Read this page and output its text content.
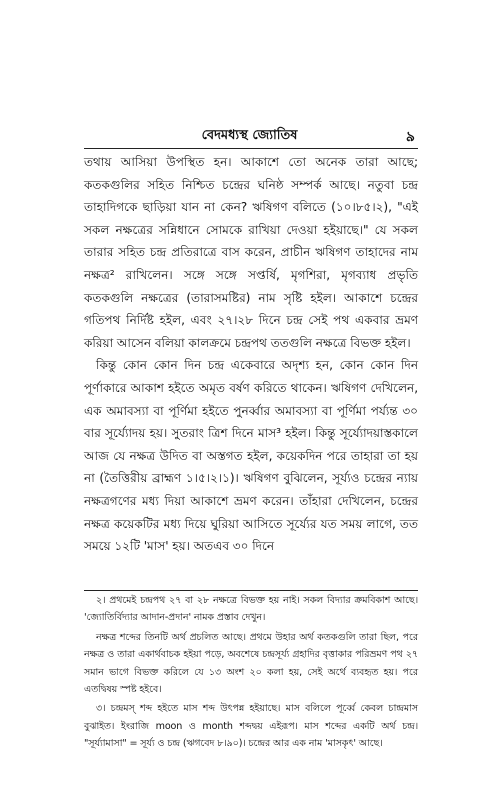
বেদমধ্যস্থ জ্যোতিষ	৯

তথায় আসিয়া উপস্থিত হন। আকাশে তো অনেক তারা আছে; কতকগুলির সহিত নিশ্চিত চন্দ্রের ঘনিষ্ঠ সম্পর্ক আছে। নতুবা চন্দ্র তাহাদিগকে ছাড়িয়া যান না কেন? ঋষিগণ বলিতে (১০।৮৫।২), "এই সকল নক্ষত্রের সন্নিধানে সোমকে রাখিয়া দেওয়া হইয়াছে।" যে সকল তারার সহিত চন্দ্র প্রতিরাত্রে বাস করেন, প্রাচীন ঋষিগণ তাহাদের নাম নক্ষত্র² রাখিলেন। সঙ্গে সঙ্গে সপ্তর্ষি, মৃগশিরা, মৃগব্যাধ প্রভৃতি কতকগুলি নক্ষত্রের (তারাসমষ্টির) নাম সৃষ্টি হইল। আকাশে চন্দ্রের গতিপথ নির্দিষ্ট হইল, এবং ২৭।২৮ দিনে চন্দ্র সেই পথ একবার ভ্রমণ করিয়া আসেন বলিয়া কালক্রমে চন্দ্রপথ ততগুলি নক্ষত্রে বিভক্ত হইল।

কিন্তু কোন কোন দিন চন্দ্র একেবারে অদৃশ্য হন, কোন কোন দিন পূর্ণাকারে আকাশ হইতে অমৃত বর্ষণ করিতে থাকেন। ঋষিগণ দেখিলেন, এক অমাবস্যা বা পূর্ণিমা হইতে পুনর্ব্বার অমাবস্যা বা পূর্ণিমা পর্য্যন্ত ৩০ বার সূর্য্যোদয় হয়। সুতরাং ত্রিশ দিনে মাস³ হইল। কিন্তু সূর্য্যোদয়াস্তকালে আজ যে নক্ষত্র উদিত বা অস্তগত হইল, কয়েকদিন পরে তাহারা তা হয় না (তৈত্তিরীয় ব্রাহ্মণ ১।৫।২।১)। ঋষিগণ বুঝিলেন, সূর্য্যও চন্দ্রের ন্যায় নক্ষত্রগণের মধ্য দিয়া আকাশে ভ্রমণ করেন। তাঁহারা দেখিলেন, চন্দ্রের নক্ষত্র কয়েকটির মধ্য দিয়ে ঘুরিয়া আসিতে সূর্য্যের যত সময় লাগে, তত সময়ে ১২টি 'মাস' হয়। অতএব ৩০ দিনে

২। প্রথমেই চন্দ্রপথ ২৭ বা ২৮ নক্ষত্রে বিভক্ত হয় নাই। সকল বিদ্যার ক্রমবিকাশ আছে। 'জ্যোতির্বিদ্যার আদান-প্রদান' নামক প্রস্তাব দেখুন।

নক্ষত্র শব্দের তিনটি অর্থ প্রচলিত আছে। প্রথমে উহার অর্থ কতকগুলি তারা ছিল, পরে নক্ষত্র ও তারা একার্থবাচক হইয়া পড়ে, অবশেষে চন্দ্রসূর্য্য গ্রহাদির বৃত্তাকার পরিভ্রমণ পথ ২৭ সমান ভাগে বিভক্ত করিলে যে ১৩ অংশ ২০ কলা হয়, সেই অর্থে ব্যবহৃত হয়। পরে এতদ্বিষয় স্পষ্ট হইবে।

৩। চন্দ্রমস্ শব্দ হইতে মাস শব্দ উৎপন্ন হইয়াছে। মাস বলিলে পূর্ব্বে কেবল চান্দ্রমাস বুঝাইত। ইংরাজি moon ও month শব্দদ্বয় এইরূপ। মাস শব্দের একটি অর্থ চন্দ্র। "সূর্য্যামাসা" = সূর্য্য ও চন্দ্র (ঋগবেদ ৮।৯০)। চন্দ্রের আর এক নাম 'মাসকৃৎ' আছে।
